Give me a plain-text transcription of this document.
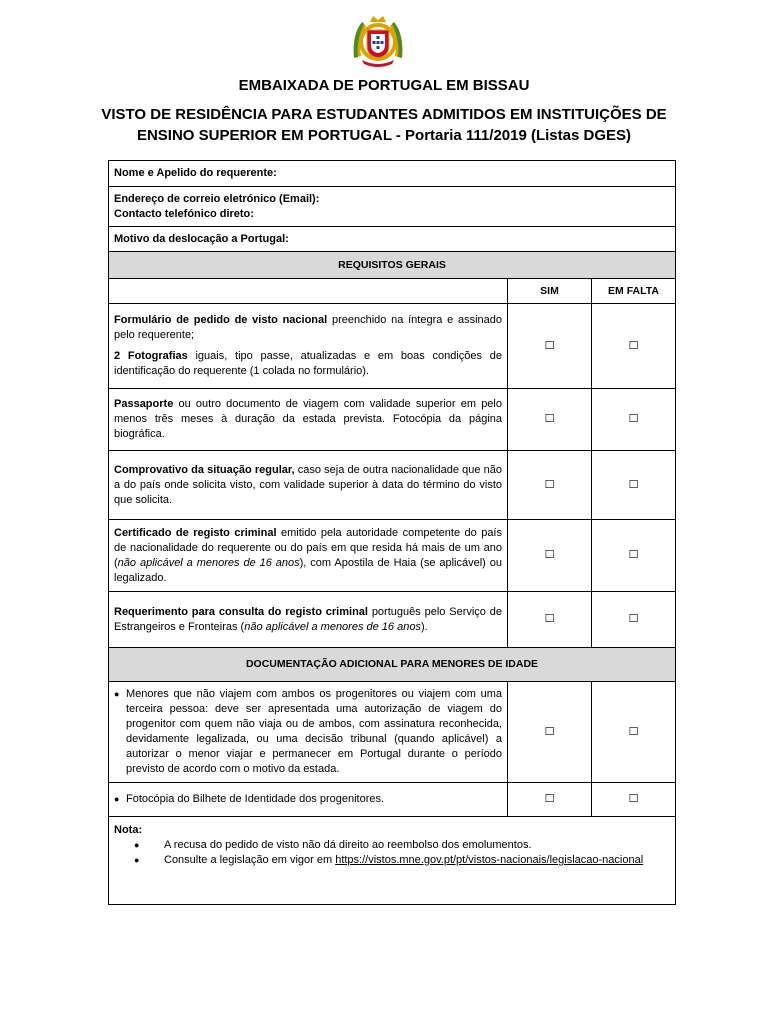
EMBAIXADA DE PORTUGAL EM BISSAU
VISTO DE RESIDÊNCIA PARA ESTUDANTES ADMITIDOS EM INSTITUIÇÕES DE ENSINO SUPERIOR EM PORTUGAL - Portaria 111/2019 (Listas DGES)
Nome e Apelido do requerente:		

Endereço de correio eletrónico (Email):

Contacto telefónico direto:		

Motivo da deslocação a Portugal:		
REQUISITOS GERAIS		
	SIM	EM FALTA

Formulário de pedido de visto nacional preenchido na íntegra e assinado pelo requerente;

2 Fotografias iguais, tipo passe, atualizadas e em boas condições de identificação do requerente (1 colada no formulário).	☐	☐
Passaporte ou outro documento de viagem com validade superior em pelo menos três meses à duração da estada prevista. Fotocópia da página biográfica.	☐	☐
Comprovativo da situação regular, caso seja de outra nacionalidade que não a do país onde solicita visto, com validade superior à data do término do visto que solicita.	☐	☐
Certificado de registo criminal emitido pela autoridade competente do país de nacionalidade do requerente ou do país em que resida há mais de um ano (não aplicável a menores de 16 anos), com Apostila de Haia (se aplicável) ou legalizado.	☐	☐
Requerimento para consulta do registo criminal português pelo Serviço de Estrangeiros e Fronteiras (não aplicável a menores de 16 anos).	☐	☐
DOCUMENTAÇÃO ADICIONAL PARA MENORES DE IDADE		

● Menores que não viajem com ambos os progenitores ou viajem com uma terceira pessoa: deve ser apresentada uma autorização de viagem do progenitor com quem não viaja ou de ambos, com assinatura reconhecida, devidamente legalizada, ou uma decisão tribunal (quando aplicável) a autorizar o menor viajar e permanecer em Portugal durante o período previsto de acordo com o motivo da estada.	☐	☐

● Fotocópia do Bilhete de Identidade dos progenitores.	☐	☐

Nota:

● A recusa do pedido de visto não dá direito ao reembolso dos emolumentos.
● Consulte a legislação em vigor em https://vistos.mne.gov.pt/pt/vistos-nacionais/legislacao-nacional		
